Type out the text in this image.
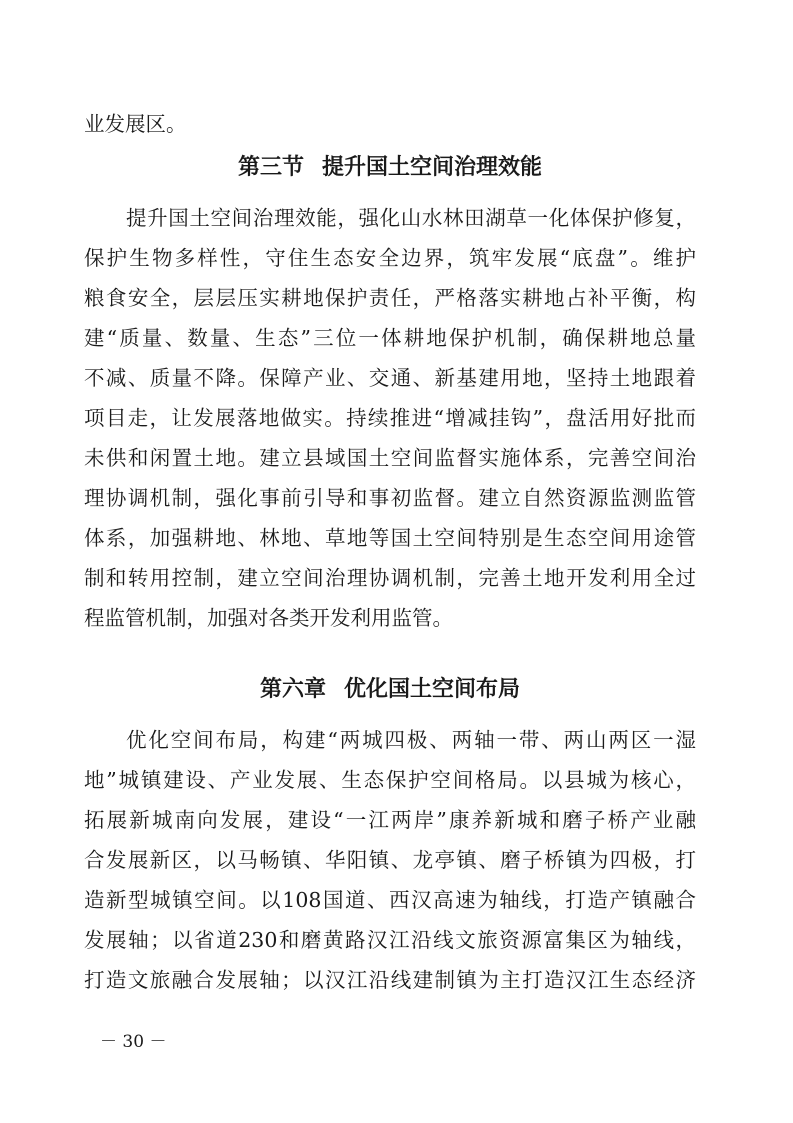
业发展区。
第三节 提升国土空间治理效能
提升国土空间治理效能，强化山水林田湖草一化体保护修复，
保护生物多样性，守住生态安全边界，筑牢发展“底盘”。维护
粮食安全，层层压实耕地保护责任，严格落实耕地占补平衡，构
建“质量、数量、生态”三位一体耕地保护机制，确保耕地总量
不减、质量不降。保障产业、交通、新基建用地，坚持土地跟着
项目走，让发展落地做实。持续推进“增减挂钩”，盘活用好批而
未供和闲置土地。建立县域国土空间监督实施体系，完善空间治
理协调机制，强化事前引导和事初监督。建立自然资源监测监管
体系，加强耕地、林地、草地等国土空间特别是生态空间用途管
制和转用控制，建立空间治理协调机制，完善土地开发利用全过
程监管机制，加强对各类开发利用监管。
第六章 优化国土空间布局
优化空间布局，构建“两城四极、两轴一带、两山两区一湿
地”城镇建设、产业发展、生态保护空间格局。以县城为核心，
拓展新城南向发展，建设“一江两岸”康养新城和磨子桥产业融
合发展新区，以马畅镇、华阳镇、龙亭镇、磨子桥镇为四极，打
造新型城镇空间。以108国道、西汉高速为轴线，打造产镇融合
发展轴；以省道230和磨黄路汉江沿线文旅资源富集区为轴线，
打造文旅融合发展轴；以汉江沿线建制镇为主打造汉江生态经济
－ 30 －
